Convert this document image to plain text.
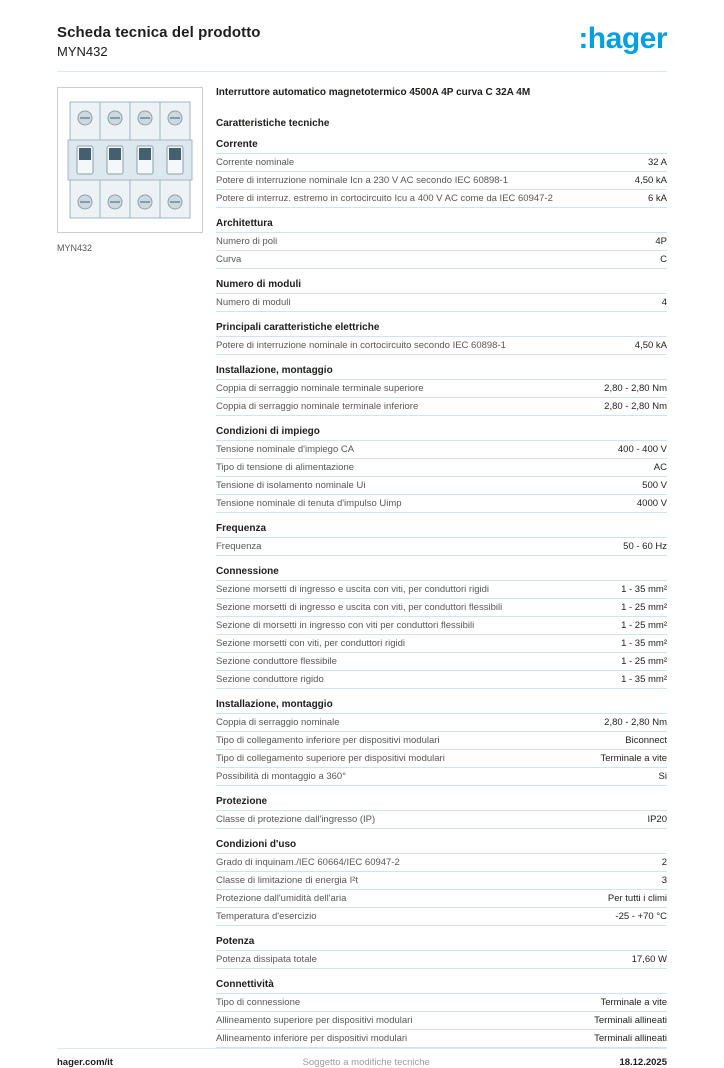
Scheda tecnica del prodotto
MYN432	:hager
MYN432
Interruttore automatico magnetotermico 4500A 4P curva C 32A 4M
Caratteristiche tecniche
Corrente
Corrente nominale	32 A
Potere di interruzione nominale Icn a 230 V AC secondo IEC 60898-1	4,50 kA
Potere di interruz. estremo in cortocircuito Icu a 400 V AC come da IEC 60947-2	6 kA
Architettura
Numero di poli	4P
Curva	C
Numero di moduli
Numero di moduli	4
Principali caratteristiche elettriche
Potere di interruzione nominale in cortocircuito secondo IEC 60898-1	4,50 kA
Installazione, montaggio
Coppia di serraggio nominale terminale superiore	2,80 - 2,80 Nm
Coppia di serraggio nominale terminale inferiore	2,80 - 2,80 Nm
Condizioni di impiego
Tensione nominale d'impiego CA	400 - 400 V
Tipo di tensione di alimentazione	AC
Tensione di isolamento nominale Ui	500 V
Tensione nominale di tenuta d'impulso Uimp	4000 V
Frequenza
Frequenza	50 - 60 Hz
Connessione
Sezione morsetti di ingresso e uscita con viti, per conduttori rigidi	1 - 35 mm²
Sezione morsetti di ingresso e uscita con viti, per conduttori flessibili	1 - 25 mm²
Sezione di morsetti in ingresso con viti per conduttori flessibili	1 - 25 mm²
Sezione morsetti con viti, per conduttori rigidi	1 - 35 mm²
Sezione conduttore flessibile	1 - 25 mm²
Sezione conduttore rigido	1 - 35 mm²
Installazione, montaggio
Coppia di serraggio nominale	2,80 - 2,80 Nm
Tipo di collegamento inferiore per dispositivi modulari	Biconnect
Tipo di collegamento superiore per dispositivi modulari	Terminale a vite
Possibilità di montaggio a 360°	Si
Protezione
Classe di protezione dall'ingresso (IP)	IP20
Condizioni d'uso
Grado di inquinam./IEC 60664/IEC 60947-2	2
Classe di limitazione di energia I²t	3
Protezione dall'umidità dell'aria	Per tutti i climi
Temperatura d'esercizio	-25 - +70 °C
Potenza
Potenza dissipata totale	17,60 W
Connettività
Tipo di connessione	Terminale a vite
Allineamento superiore per dispositivi modulari	Terminali allineati
Allineamento inferiore per dispositivi modulari	Terminali allineati
hager.com/it	Soggetto a modifiche tecniche	18.12.2025
